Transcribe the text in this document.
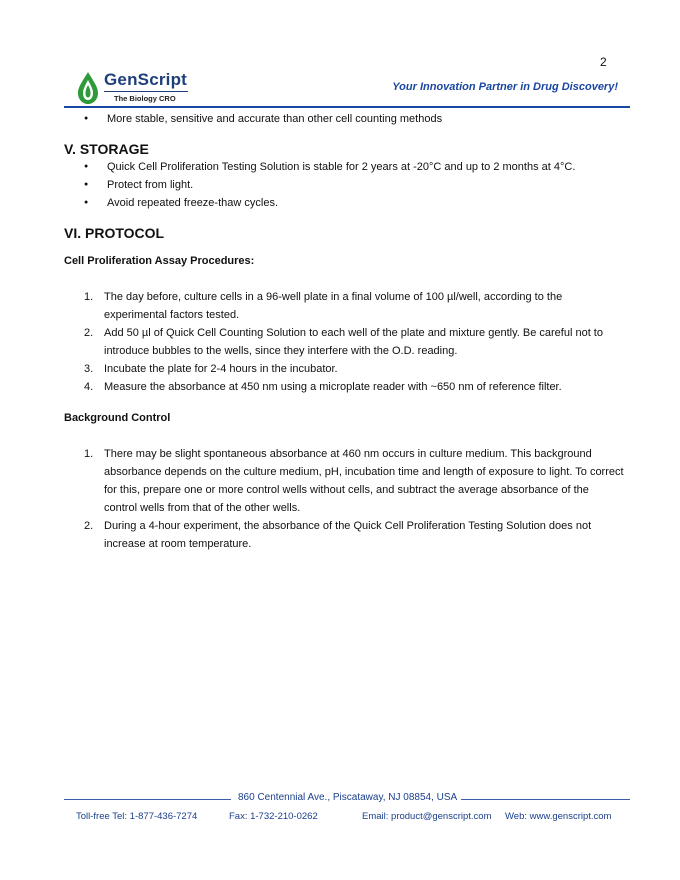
2
GenScript
The Biology CRO
Your Innovation Partner in Drug Discovery!
● More stable, sensitive and accurate than other cell counting methods
V. STORAGE
● Quick Cell Proliferation Testing Solution is stable for 2 years at -20°C and up to 2 months at 4°C.
● Protect from light.
● Avoid repeated freeze-thaw cycles.
VI. PROTOCOL
Cell Proliferation Assay Procedures:
1. The day before, culture cells in a 96-well plate in a final volume of 100 µl/well, according to the experimental factors tested.
2. Add 50 µl of Quick Cell Counting Solution to each well of the plate and mixture gently. Be careful not to introduce bubbles to the wells, since they interfere with the O.D. reading.
3. Incubate the plate for 2-4 hours in the incubator.
4. Measure the absorbance at 450 nm using a microplate reader with ~650 nm of reference filter.
Background Control
1. There may be slight spontaneous absorbance at 460 nm occurs in culture medium. This background absorbance depends on the culture medium, pH, incubation time and length of exposure to light. To correct for this, prepare one or more control wells without cells, and subtract the average absorbance of the control wells from that of the other wells.
2. During a 4-hour experiment, the absorbance of the Quick Cell Proliferation Testing Solution does not increase at room temperature.
860 Centennial Ave., Piscataway, NJ 08854, USA
Toll-free Tel: 1-877-436-7274	Fax: 1-732-210-0262	Email: product@genscript.com Web: www.genscript.com
